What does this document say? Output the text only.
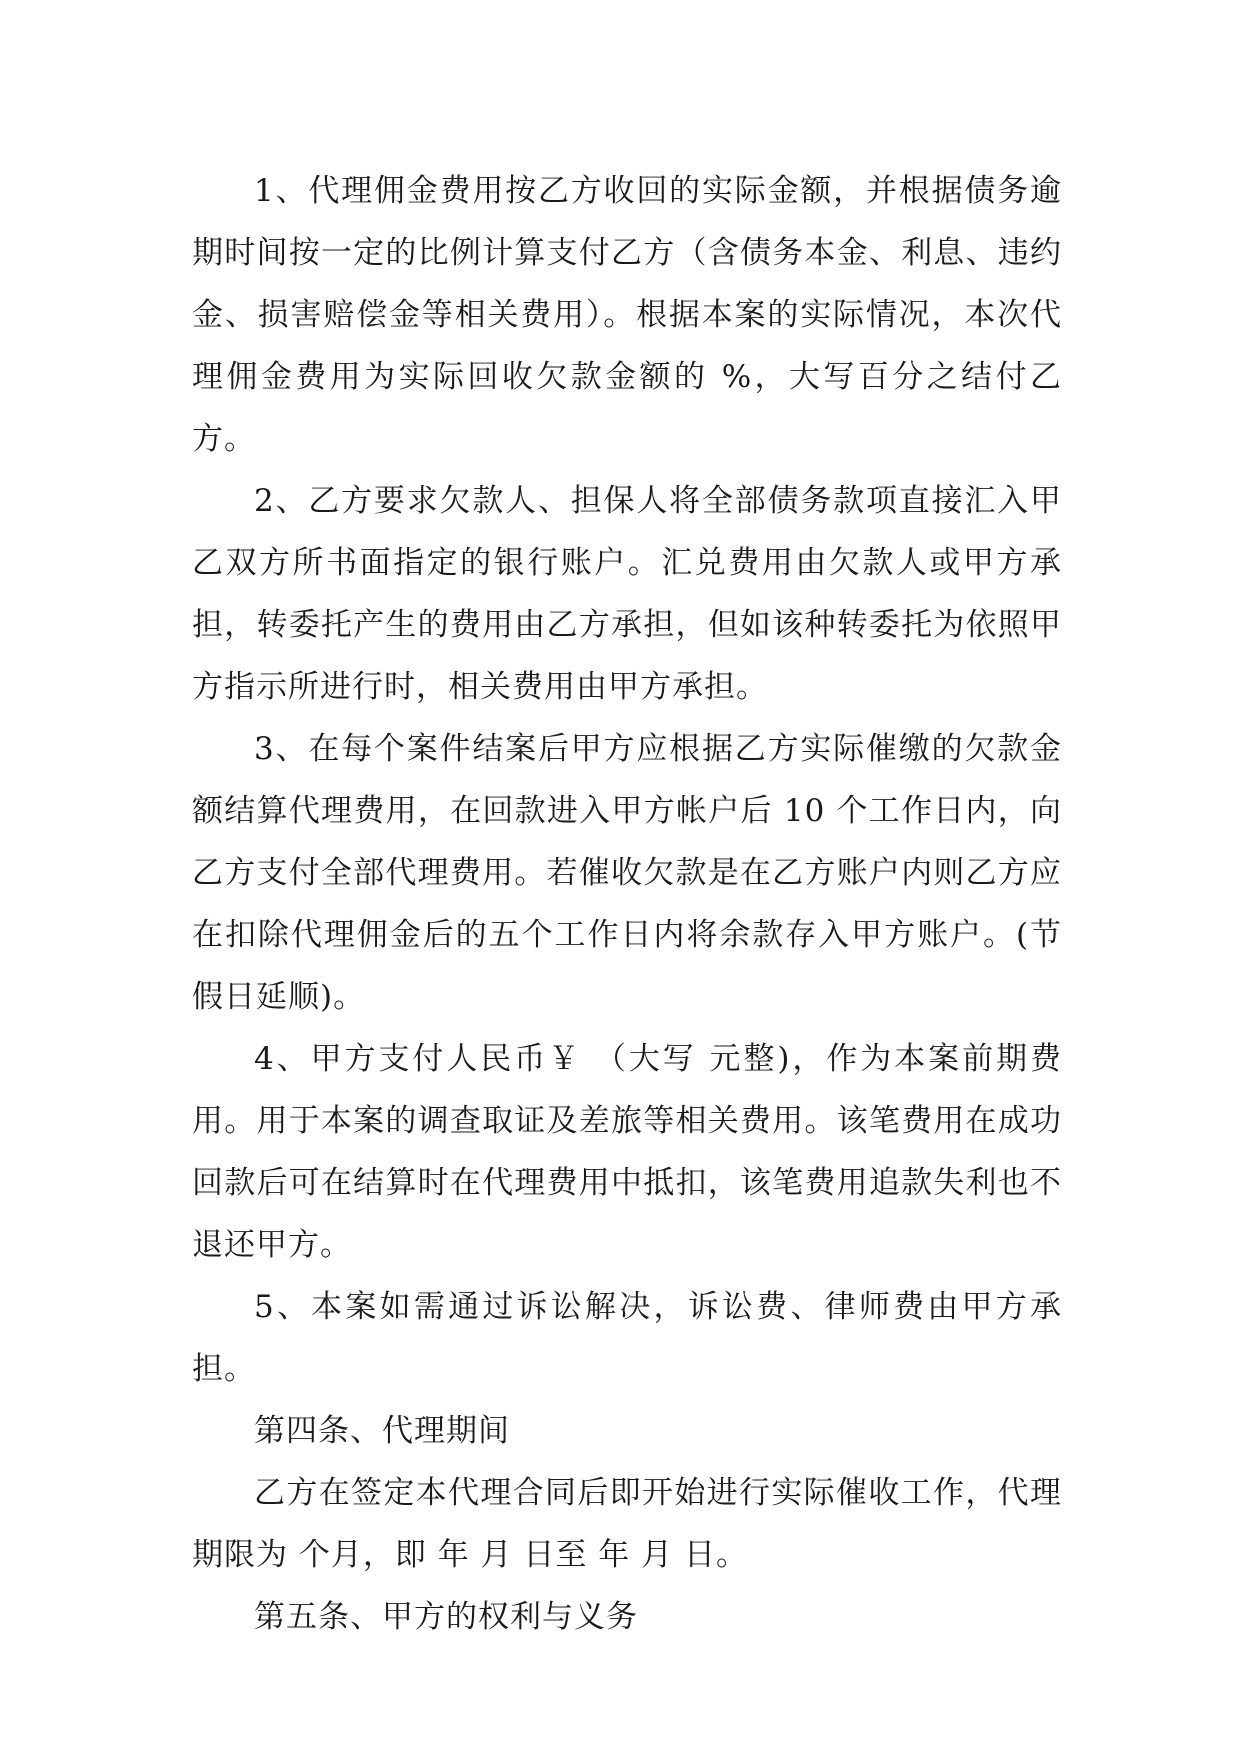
1、代理佣金费用按乙方收回的实际金额，并根据债务逾期时间按一定的比例计算支付乙方（含债务本金、利息、违约金、损害赔偿金等相关费用）。根据本案的实际情况，本次代理佣金费用为实际回收欠款金额的 %，大写百分之结付乙方。

2、乙方要求欠款人、担保人将全部债务款项直接汇入甲乙双方所书面指定的银行账户。汇兑费用由欠款人或甲方承担，转委托产生的费用由乙方承担，但如该种转委托为依照甲方指示所进行时，相关费用由甲方承担。

3、在每个案件结案后甲方应根据乙方实际催缴的欠款金额结算代理费用，在回款进入甲方帐户后 10 个工作日内，向乙方支付全部代理费用。若催收欠款是在乙方账户内则乙方应在扣除代理佣金后的五个工作日内将余款存入甲方账户。(节假日延顺)。

4、甲方支付人民币￥ （大写 元整)，作为本案前期费用。用于本案的调查取证及差旅等相关费用。该笔费用在成功回款后可在结算时在代理费用中抵扣，该笔费用追款失利也不退还甲方。

5、本案如需通过诉讼解决，诉讼费、律师费由甲方承担。

第四条、代理期间

乙方在签定本代理合同后即开始进行实际催收工作，代理期限为 个月，即 年 月 日至 年 月 日。

第五条、甲方的权利与义务
